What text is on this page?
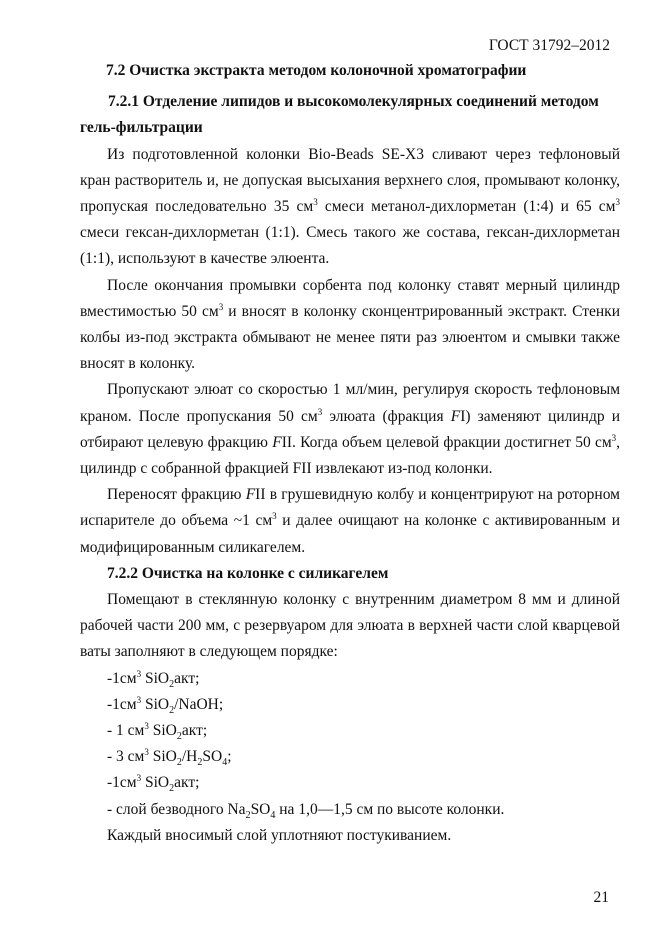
ГОСТ 31792–2012

7.2 Очистка экстракта методом колоночной хроматографии

7.2.1 Отделение липидов и высокомолекулярных соединений методом
гель-фильтрации

Из подготовленной колонки Bio-Beads SE-X3 сливают через тефлоновый кран растворитель и, не допуская высыхания верхнего слоя, промывают колонку, пропуская последовательно 35 $см^3$ смеси метанол-дихлорметан (1:4) и 65 $см^3$ смеси гексан-дихлорметан (1:1). Смесь такого же состава, гексан-дихлорметан (1:1), используют в качестве элюента.

После окончания промывки сорбента под колонку ставят мерный цилиндр вместимостью 50 $см^3$ и вносят в колонку сконцентрированный экстракт. Стенки колбы из-под экстракта обмывают не менее пяти раз элюентом и смывки также вносят в колонку.

Пропускают элюат со скоростью 1 мл/мин, регулируя скорость тефлоновым краном. После пропускания 50 $см^3$ элюата (фракция FI) заменяют цилиндр и отбирают целевую фракцию FII. Когда объем целевой фракции достигнет 50 $см^3$, цилиндр с собранной фракцией FII извлекают из-под колонки.

Переносят фракцию FII в грушевидную колбу и концентрируют на роторном испарителе до объема ~1 $см^3$ и далее очищают на колонке с активированным и модифицированным силикагелем.

7.2.2 Очистка на колонке с силикагелем

Помещают в стеклянную колонку с внутренним диаметром 8 мм и длиной рабочей части 200 мм, с резервуаром для элюата в верхней части слой кварцевой ваты заполняют в следующем порядке:

$-1см^3$ SiO$_2$акт;

$-1см^3$ SiO$_2$/NaOH;

- 1 $см^3$ SiO$_2$акт;

- 3 $см^3$ $SiO_2/H_2SO_4$;

$-1см^3$ SiO$_2$акт;

- слой безводного $Na_2SO_4$ на 1,0—1,5 см по высоте колонки.

Каждый вносимый слой уплотняют постукиванием.

21
